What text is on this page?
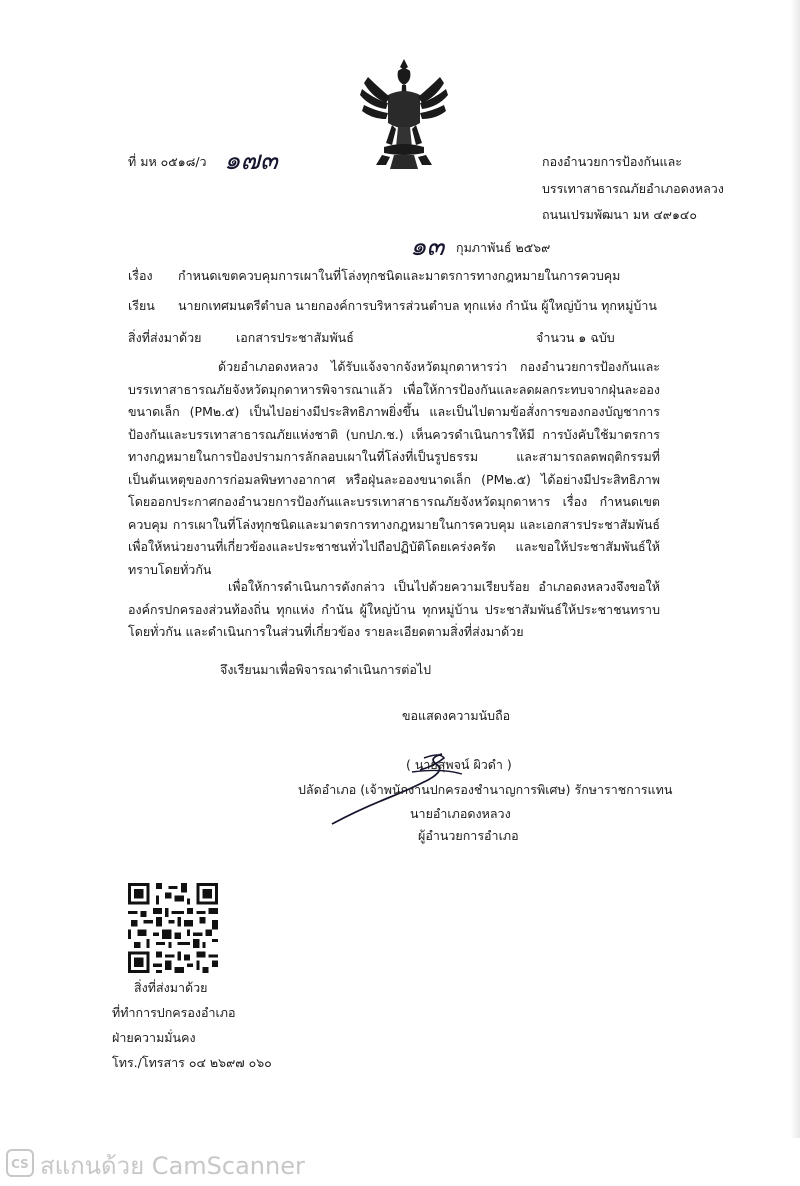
ที่ มห ๐๕๑๘/ว ๑๗๓	กองอำนวยการป้องกันและ
บรรเทาสาธารณภัยอำเภอดงหลวง
ถนนเปรมพัฒนา มห ๔๙๑๔๐
๑๓ กุมภาพันธ์ ๒๕๖๙
เรื่อง กำหนดเขตควบคุมการเผาในที่โล่งทุกชนิดและมาตรการทางกฎหมายในการควบคุม
เรียน นายกเทศมนตรีตำบล นายกองค์การบริหารส่วนตำบล ทุกแห่ง กำนัน ผู้ใหญ่บ้าน ทุกหมู่บ้าน
สิ่งที่ส่งมาด้วย	เอกสารประชาสัมพันธ์	จำนวน ๑ ฉบับ
ด้วยอำเภอดงหลวง ได้รับแจ้งจากจังหวัดมุกดาหารว่า กองอำนวยการป้องกันและบรรเทาสาธารณภัยจังหวัดมุกดาหารพิจารณาแล้ว เพื่อให้การป้องกันและลดผลกระทบจากฝุ่นละอองขนาดเล็ก (PM๒.๕) เป็นไปอย่างมีประสิทธิภาพยิ่งขึ้น และเป็นไปตามข้อสั่งการของกองบัญชาการป้องกันและบรรเทาสาธารณภัยแห่งชาติ (บกปภ.ช.) เห็นควรดำเนินการให้มี การบังคับใช้มาตรการทางกฎหมายในการป้องปรามการลักลอบเผาในที่โล่งที่เป็นรูปธรรม และสามารถลดพฤติกรรมที่เป็นต้นเหตุของการก่อมลพิษทางอากาศ หรือฝุ่นละอองขนาดเล็ก (PM๒.๕) ได้อย่างมีประสิทธิภาพ โดยออกประกาศกองอำนวยการป้องกันและบรรเทาสาธารณภัยจังหวัดมุกดาหาร เรื่อง กำหนดเขตควบคุม การเผาในที่โล่งทุกชนิดและมาตรการทางกฎหมายในการควบคุม และเอกสารประชาสัมพันธ์ เพื่อให้หน่วยงานที่เกี่ยวข้องและประชาชนทั่วไปถือปฏิบัติโดยเคร่งครัด และขอให้ประชาสัมพันธ์ให้ทราบโดยทั่วกัน
เพื่อให้การดำเนินการดังกล่าว เป็นไปด้วยความเรียบร้อย อำเภอดงหลวงจึงขอให้ องค์กรปกครองส่วนท้องถิ่น ทุกแห่ง กำนัน ผู้ใหญ่บ้าน ทุกหมู่บ้าน ประชาสัมพันธ์ให้ประชาชนทราบโดยทั่วกัน และดำเนินการในส่วนที่เกี่ยวข้อง รายละเอียดตามสิ่งที่ส่งมาด้วย
จึงเรียนมาเพื่อพิจารณาดำเนินการต่อไป
ขอแสดงความนับถือ
( นายสุพจน์ ผิวดำ )
ปลัดอำเภอ (เจ้าพนักงานปกครองชำนาญการพิเศษ) รักษาราชการแทน
นายอำเภอดงหลวง
ผู้อำนวยการอำเภอ
สิ่งที่ส่งมาด้วย
ที่ทำการปกครองอำเภอ
ฝ่ายความมั่นคง
โทร./โทรสาร ๐๔ ๒๖๙๗ ๐๖๐
CS สแกนด้วย CamScanner
